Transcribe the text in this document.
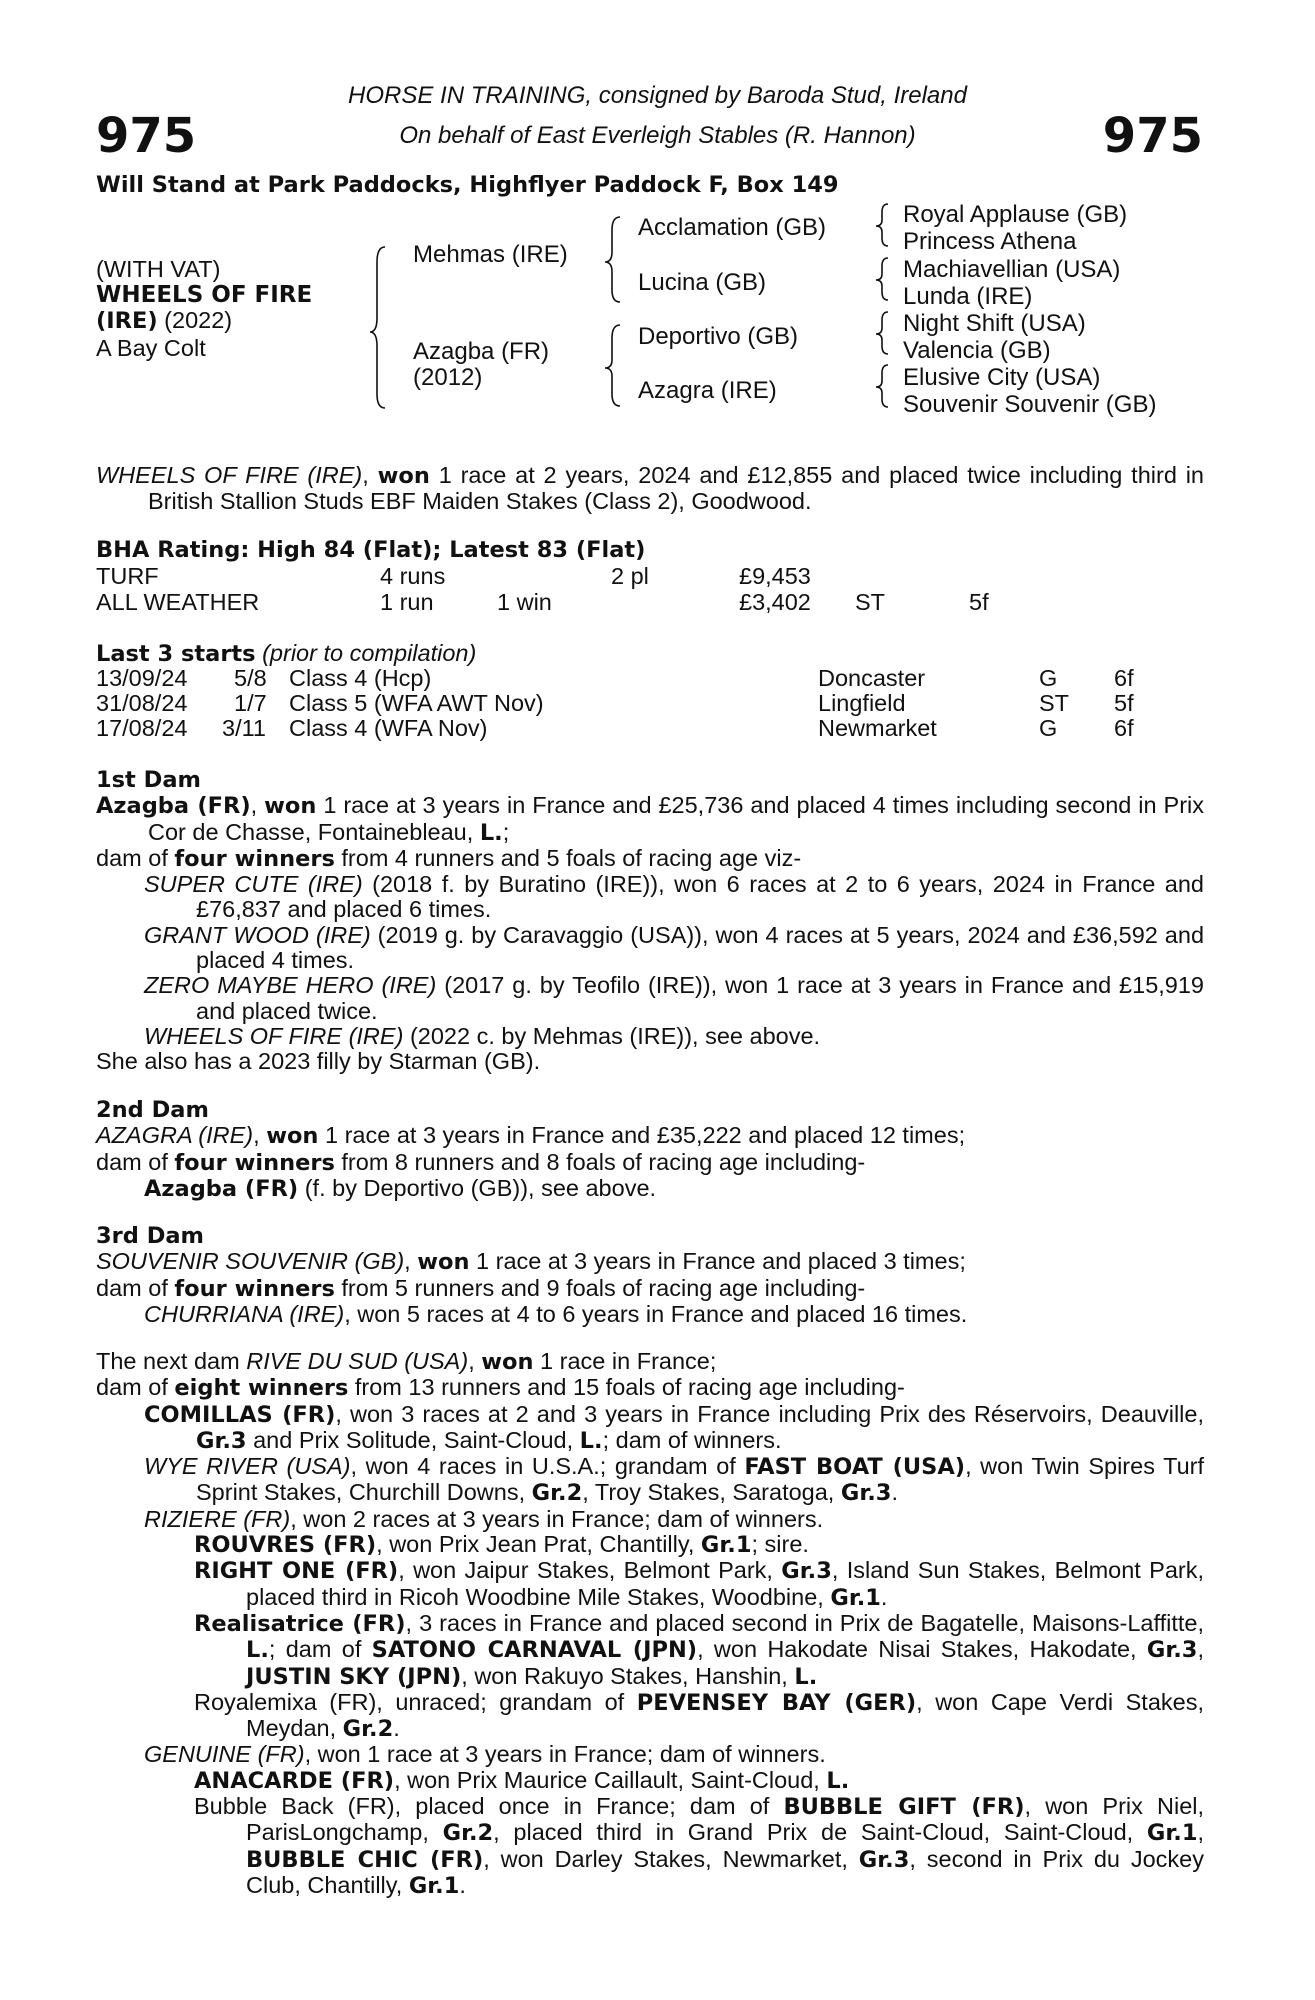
975	975
HORSE IN TRAINING, consigned by Baroda Stud, Ireland
On behalf of East Everleigh Stables (R. Hannon)
Will Stand at Park Paddocks, Highflyer Paddock F, Box 149
(WITH VAT)
WHEELS OF FIRE
(IRE) (2022)
A Bay Colt
Mehmas (IRE)
Azagba (FR)
(2012)
Acclamation (GB)
Lucina (GB)
Deportivo (GB)
Azagra (IRE)
Royal Applause (GB)
Princess Athena
Machiavellian (USA)
Lunda (IRE)
Night Shift (USA)
Valencia (GB)
Elusive City (USA)
Souvenir Souvenir (GB)

WHEELS OF FIRE (IRE), won 1 race at 2 years, 2024 and £12,855 and placed twice including third in British Stallion Studs EBF Maiden Stakes (Class 2), Goodwood.

BHA Rating: High 84 (Flat); Latest 83 (Flat)
TURF	4 runs	2 pl	£9,453
ALL WEATHER	1 run	1 win	£3,402 ST	5f
Last 3 starts (prior to compilation)
13/09/24 5/8 Class 4 (Hcp)	Doncaster	G 6f
31/08/24 1/7 Class 5 (WFA AWT Nov)	Lingfield	ST 5f
17/08/24 3/11 Class 4 (WFA Nov)	Newmarket	G 6f

1st Dam

Azagba (FR), won 1 race at 3 years in France and £25,736 and placed 4 times including second in Prix Cor de Chasse, Fontainebleau, L.;

dam of four winners from 4 runners and 5 foals of racing age viz-

SUPER CUTE (IRE) (2018 f. by Buratino (IRE)), won 6 races at 2 to 6 years, 2024 in France and £76,837 and placed 6 times.

GRANT WOOD (IRE) (2019 g. by Caravaggio (USA)), won 4 races at 5 years, 2024 and £36,592 and placed 4 times.

ZERO MAYBE HERO (IRE) (2017 g. by Teofilo (IRE)), won 1 race at 3 years in France and £15,919 and placed twice.

WHEELS OF FIRE (IRE) (2022 c. by Mehmas (IRE)), see above.

She also has a 2023 filly by Starman (GB).

2nd Dam

AZAGRA (IRE), won 1 race at 3 years in France and £35,222 and placed 12 times;

dam of four winners from 8 runners and 8 foals of racing age including-

Azagba (FR) (f. by Deportivo (GB)), see above.

3rd Dam

SOUVENIR SOUVENIR (GB), won 1 race at 3 years in France and placed 3 times;

dam of four winners from 5 runners and 9 foals of racing age including-

CHURRIANA (IRE), won 5 races at 4 to 6 years in France and placed 16 times.

The next dam RIVE DU SUD (USA), won 1 race in France;

dam of eight winners from 13 runners and 15 foals of racing age including-

COMILLAS (FR), won 3 races at 2 and 3 years in France including Prix des Réservoirs, Deauville, Gr.3 and Prix Solitude, Saint-Cloud, L.; dam of winners.

WYE RIVER (USA), won 4 races in U.S.A.; grandam of FAST BOAT (USA), won Twin Spires Turf Sprint Stakes, Churchill Downs, Gr.2, Troy Stakes, Saratoga, Gr.3.

RIZIERE (FR), won 2 races at 3 years in France; dam of winners.

ROUVRES (FR), won Prix Jean Prat, Chantilly, Gr.1; sire.

RIGHT ONE (FR), won Jaipur Stakes, Belmont Park, Gr.3, Island Sun Stakes, Belmont Park, placed third in Ricoh Woodbine Mile Stakes, Woodbine, Gr.1.

Realisatrice (FR), 3 races in France and placed second in Prix de Bagatelle, Maisons-Laffitte, L.; dam of SATONO CARNAVAL (JPN), won Hakodate Nisai Stakes, Hakodate, Gr.3, JUSTIN SKY (JPN), won Rakuyo Stakes, Hanshin, L.

Royalemixa (FR), unraced; grandam of PEVENSEY BAY (GER), won Cape Verdi Stakes, Meydan, Gr.2.

GENUINE (FR), won 1 race at 3 years in France; dam of winners.

ANACARDE (FR), won Prix Maurice Caillault, Saint-Cloud, L.

Bubble Back (FR), placed once in France; dam of BUBBLE GIFT (FR), won Prix Niel, ParisLongchamp, Gr.2, placed third in Grand Prix de Saint-Cloud, Saint-Cloud, Gr.1, BUBBLE CHIC (FR), won Darley Stakes, Newmarket, Gr.3, second in Prix du Jockey Club, Chantilly, Gr.1.
